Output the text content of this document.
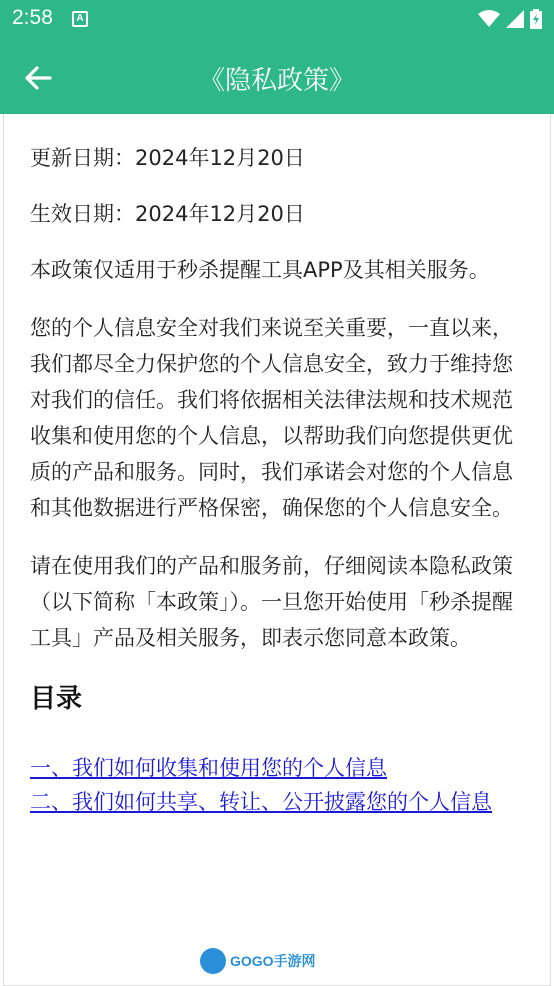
2:58 A
《隐私政策》

更新日期：2024年12月20日

生效日期：2024年12月20日

本政策仅适用于秒杀提醒工具APP及其相关服务。

您的个人信息安全对我们来说至关重要，一直以来，我们都尽全力保护您的个人信息安全，致力于维持您对我们的信任。我们将依据相关法律法规和技术规范收集和使用您的个人信息，以帮助我们向您提供更优质的产品和服务。同时，我们承诺会对您的个人信息和其他数据进行严格保密，确保您的个人信息安全。

请在使用我们的产品和服务前，仔细阅读本隐私政策（以下简称「本政策」）。一旦您开始使用「秒杀提醒工具」产品及相关服务，即表示您同意本政策。

目录
一、我们如何收集和使用您的个人信息
二、我们如何共享、转让、公开披露您的个人信息
GOGO手游网
